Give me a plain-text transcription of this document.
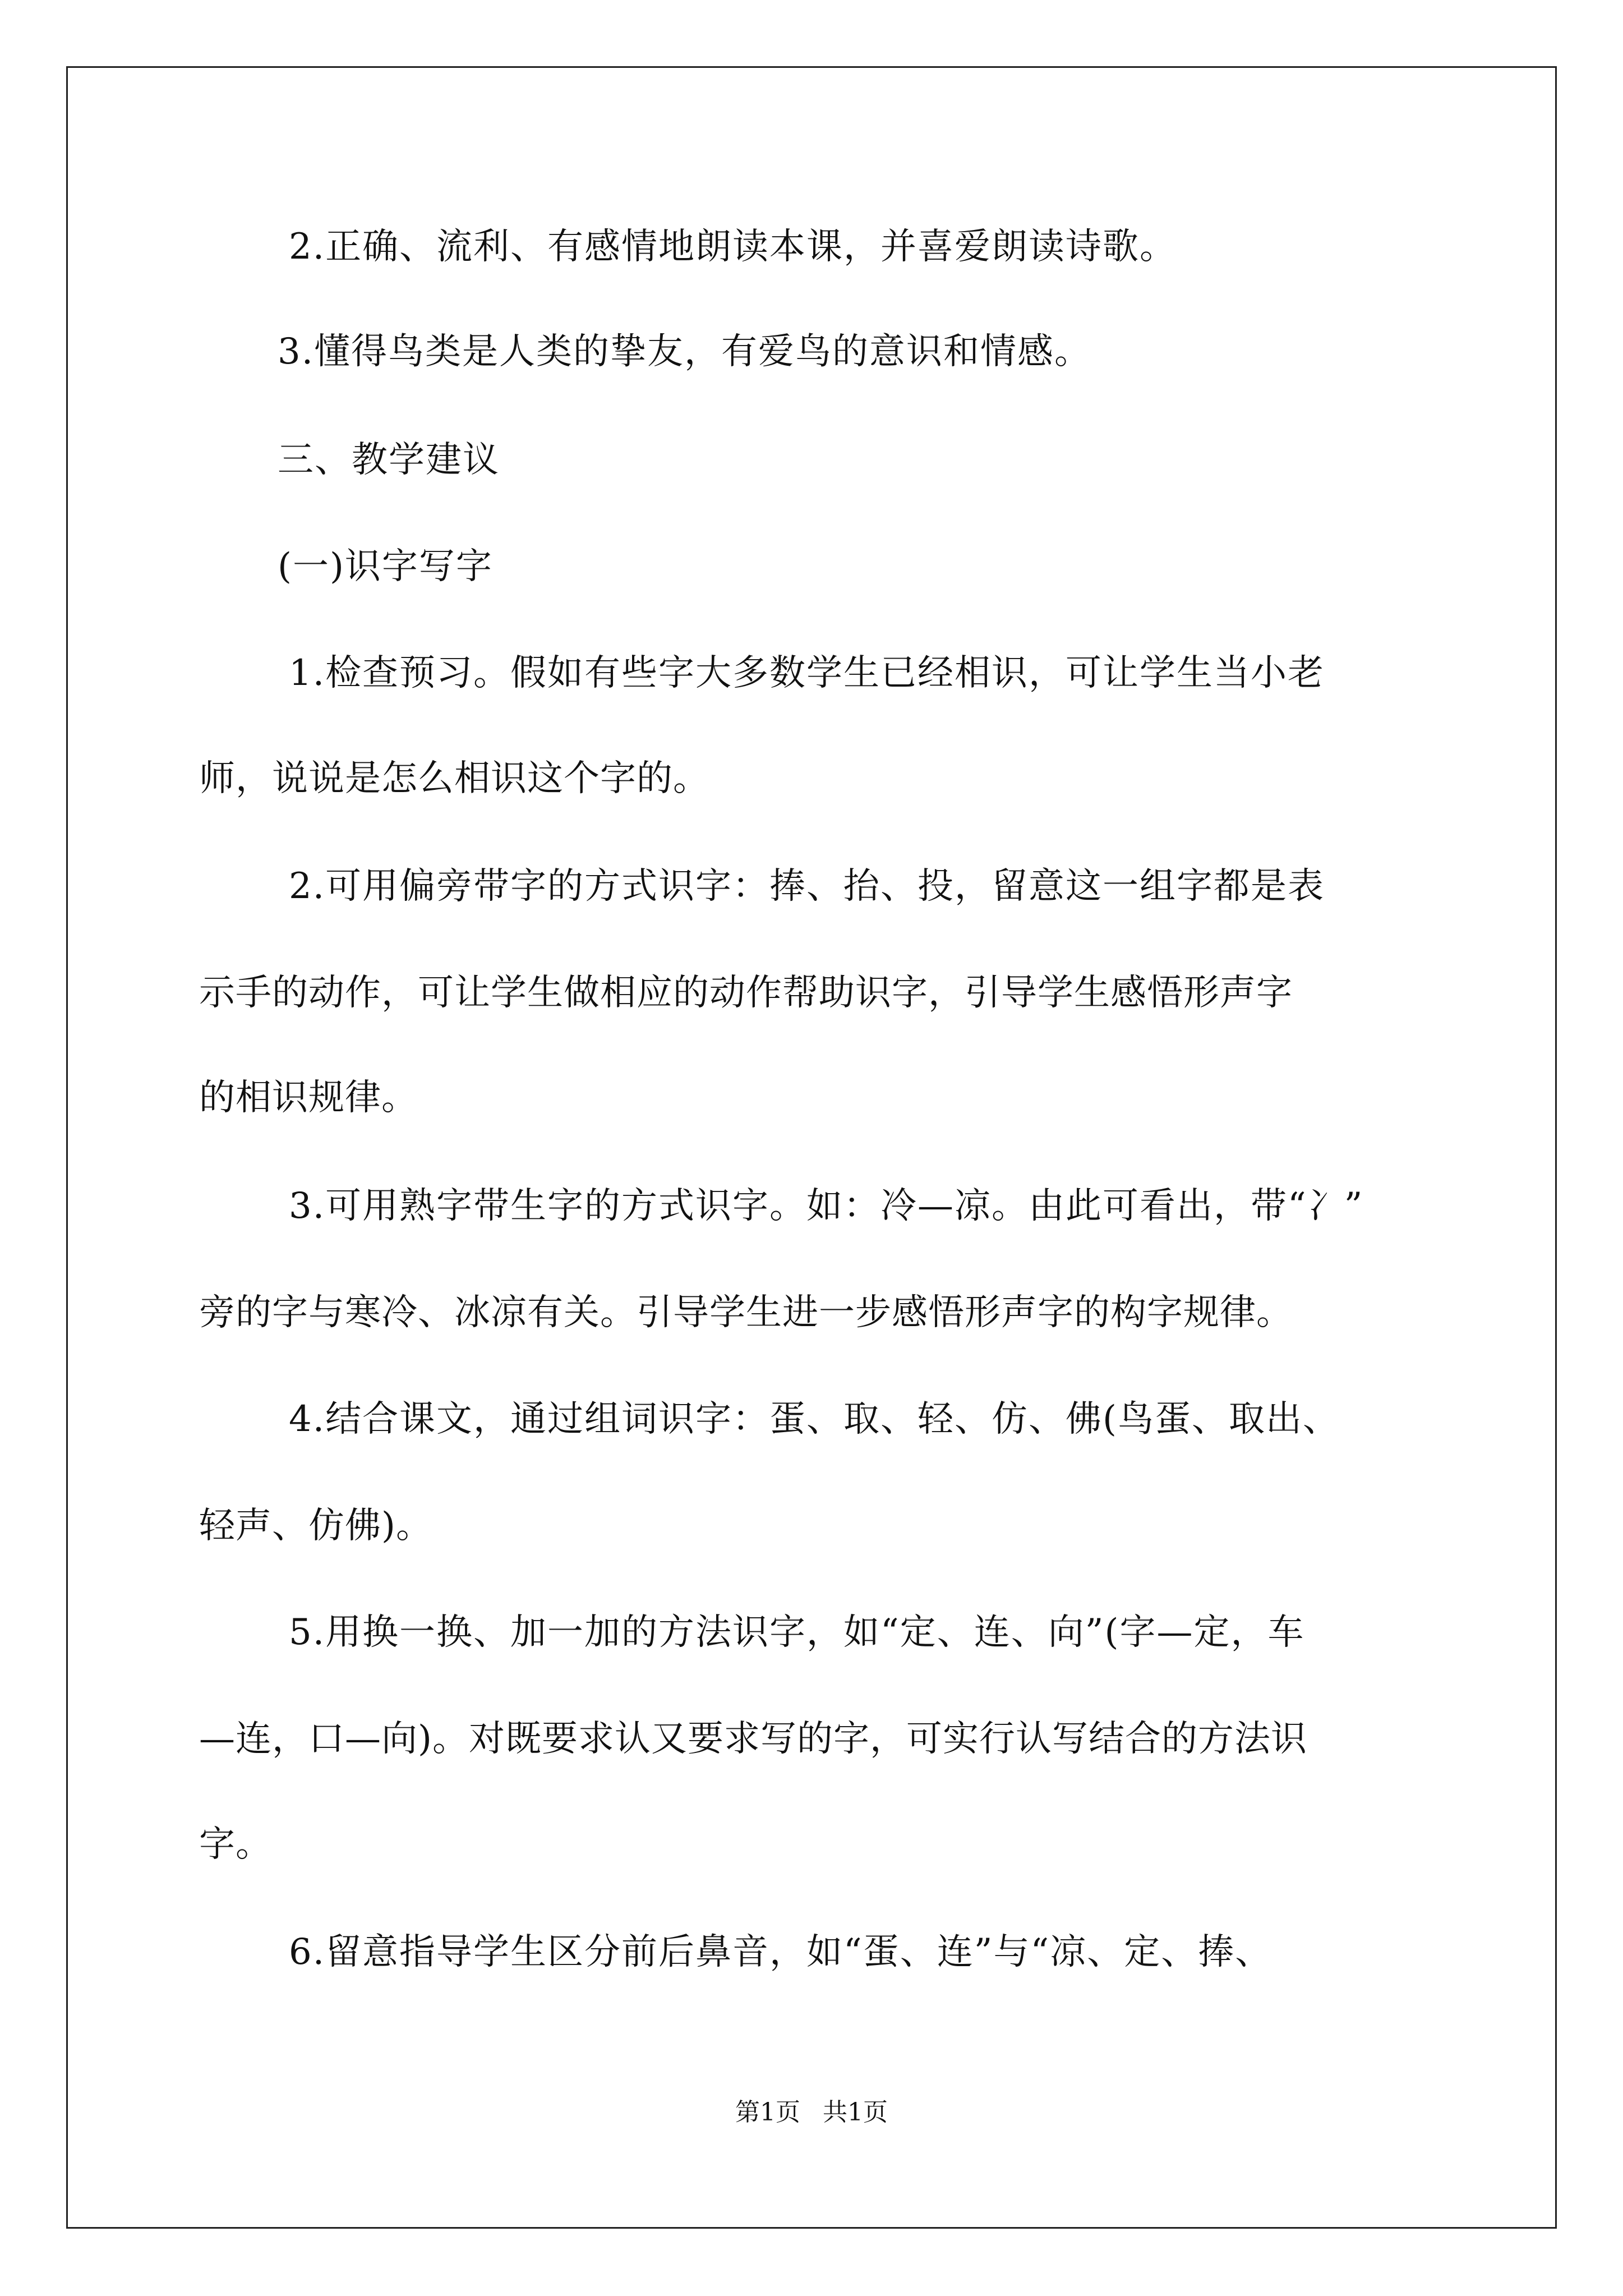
2.正确、流利、有感情地朗读本课，并喜爱朗读诗歌。
3.懂得鸟类是人类的挚友，有爱鸟的意识和情感。
三、教学建议
(一)识字写字
1.检查预习。假如有些字大多数学生已经相识，可让学生当小老
师，说说是怎么相识这个字的。
2.可用偏旁带字的方式识字：捧、抬、投，留意这一组字都是表
示手的动作，可让学生做相应的动作帮助识字，引导学生感悟形声字
的相识规律。
3.可用熟字带生字的方式识字。如：冷—凉。由此可看出，带“冫”
旁的字与寒冷、冰凉有关。引导学生进一步感悟形声字的构字规律。
4.结合课文，通过组词识字：蛋、取、轻、仿、佛(鸟蛋、取出、
轻声、仿佛)。
5.用换一换、加一加的方法识字，如“定、连、向”(字—定，车
—连，口—向)。对既要求认又要求写的字，可实行认写结合的方法识
字。
6.留意指导学生区分前后鼻音，如“蛋、连”与“凉、定、捧、
第1页 共1页
